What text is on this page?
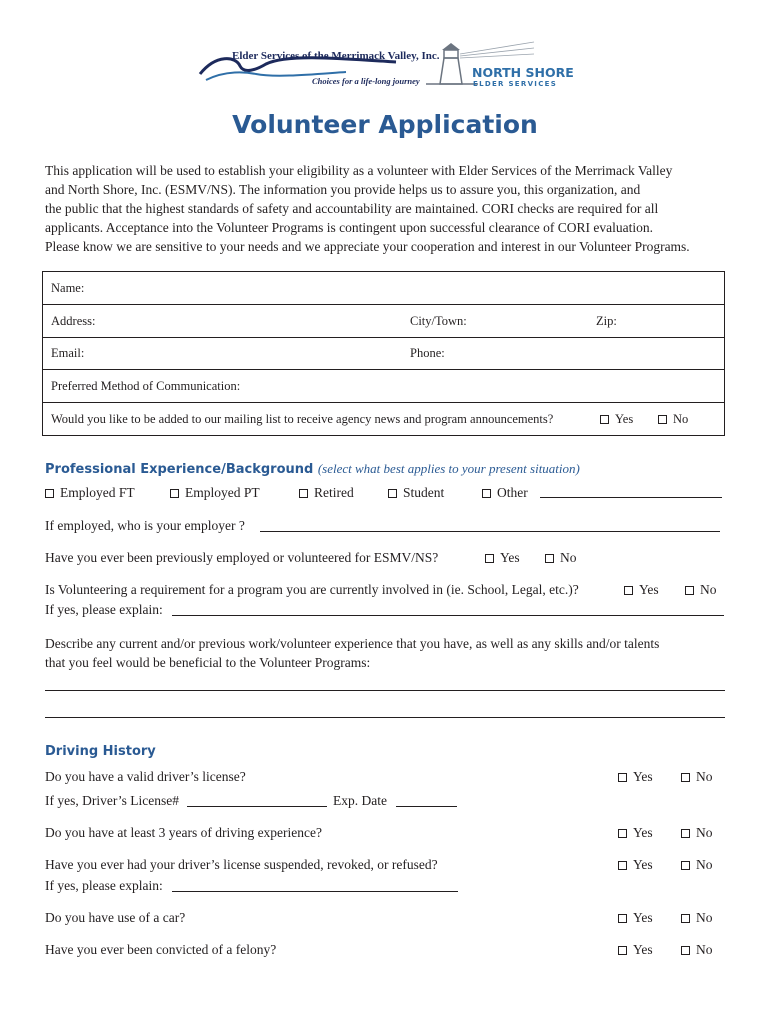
Elder Services of the Merrimack Valley, Inc.
Choices for a life-long journey
NORTH SHORE
ELDER SERVICES
Volunteer Application
This application will be used to establish your eligibility as a volunteer with Elder Services of the Merrimack Valley
and North Shore, Inc. (ESMV/NS). The information you provide helps us to assure you, this organization, and
the public that the highest standards of safety and accountability are maintained. CORI checks are required for all
applicants. Acceptance into the Volunteer Programs is contingent upon successful clearance of CORI evaluation.
Please know we are sensitive to your needs and we appreciate your cooperation and interest in our Volunteer Programs.
Name:
Address:	City/Town:	Zip:
Email:	Phone:
Preferred Method of Communication:
Would you like to be added to our mailing list to receive agency news and program announcements?	Yes	No
Professional Experience/Background (select what best applies to your present situation)
Employed FT	Employed PT	Retired	Student	Other
If employed, who is your employer ?
Have you ever been previously employed or volunteered for ESMV/NS?	Yes	No
Is Volunteering a requirement for a program you are currently involved in (ie. School, Legal, etc.)?	Yes	No
If yes, please explain:
Describe any current and/or previous work/volunteer experience that you have, as well as any skills and/or talents
that you feel would be beneficial to the Volunteer Programs:
Driving History
Do you have a valid driver’s license?	Yes	No
If yes, Driver’s License#	Exp. Date
Do you have at least 3 years of driving experience?	Yes	No
Have you ever had your driver’s license suspended, revoked, or refused?	Yes	No
If yes, please explain:
Do you have use of a car?	Yes	No
Have you ever been convicted of a felony?	Yes	No
